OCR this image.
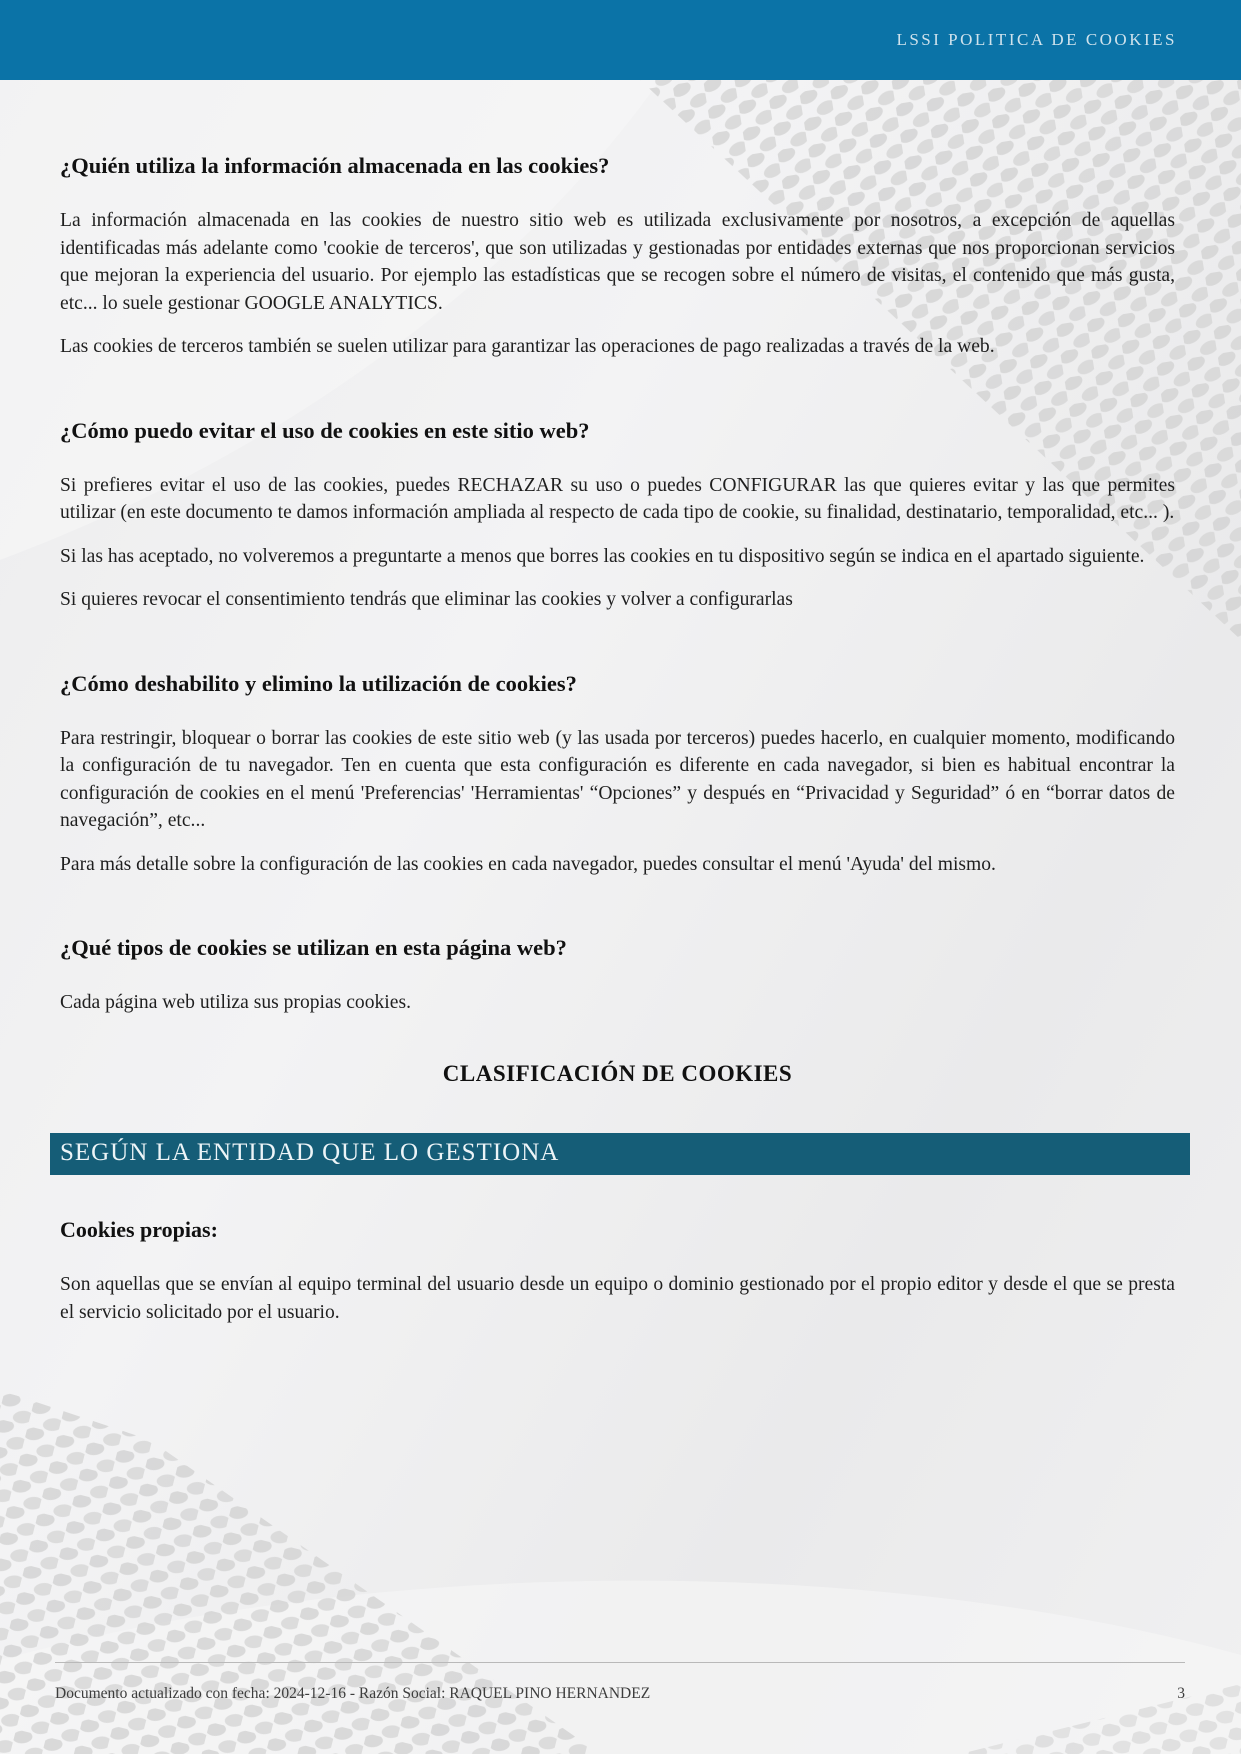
LSSI POLITICA DE COOKIES
¿Quién utiliza la información almacenada en las cookies?

La información almacenada en las cookies de nuestro sitio web es utilizada exclusivamente por nosotros, a excepción de aquellas identificadas más adelante como 'cookie de terceros', que son utilizadas y gestionadas por entidades externas que nos proporcionan servicios que mejoran la experiencia del usuario. Por ejemplo las estadísticas que se recogen sobre el número de visitas, el contenido que más gusta, etc... lo suele gestionar GOOGLE ANALYTICS.

Las cookies de terceros también se suelen utilizar para garantizar las operaciones de pago realizadas a través de la web.

¿Cómo puedo evitar el uso de cookies en este sitio web?

Si prefieres evitar el uso de las cookies, puedes RECHAZAR su uso o puedes CONFIGURAR las que quieres evitar y las que permites utilizar (en este documento te damos información ampliada al respecto de cada tipo de cookie, su finalidad, destinatario, temporalidad, etc... ).

Si las has aceptado, no volveremos a preguntarte a menos que borres las cookies en tu dispositivo según se indica en el apartado siguiente.

Si quieres revocar el consentimiento tendrás que eliminar las cookies y volver a configurarlas

¿Cómo deshabilito y elimino la utilización de cookies?

Para restringir, bloquear o borrar las cookies de este sitio web (y las usada por terceros) puedes hacerlo, en cualquier momento, modificando la configuración de tu navegador. Ten en cuenta que esta configuración es diferente en cada navegador, si bien es habitual encontrar la configuración de cookies en el menú 'Preferencias' 'Herramientas' “Opciones” y después en “Privacidad y Seguridad” ó en “borrar datos de navegación”, etc...

Para más detalle sobre la configuración de las cookies en cada navegador, puedes consultar el menú 'Ayuda' del mismo.

¿Qué tipos de cookies se utilizan en esta página web?

Cada página web utiliza sus propias cookies.

CLASIFICACIÓN DE COOKIES
SEGÚN LA ENTIDAD QUE LO GESTIONA
Cookies propias:

Son aquellas que se envían al equipo terminal del usuario desde un equipo o dominio gestionado por el propio editor y desde el que se presta el servicio solicitado por el usuario.

Documento actualizado con fecha: 2024-12-16 - Razón Social: RAQUEL PINO HERNANDEZ	3
